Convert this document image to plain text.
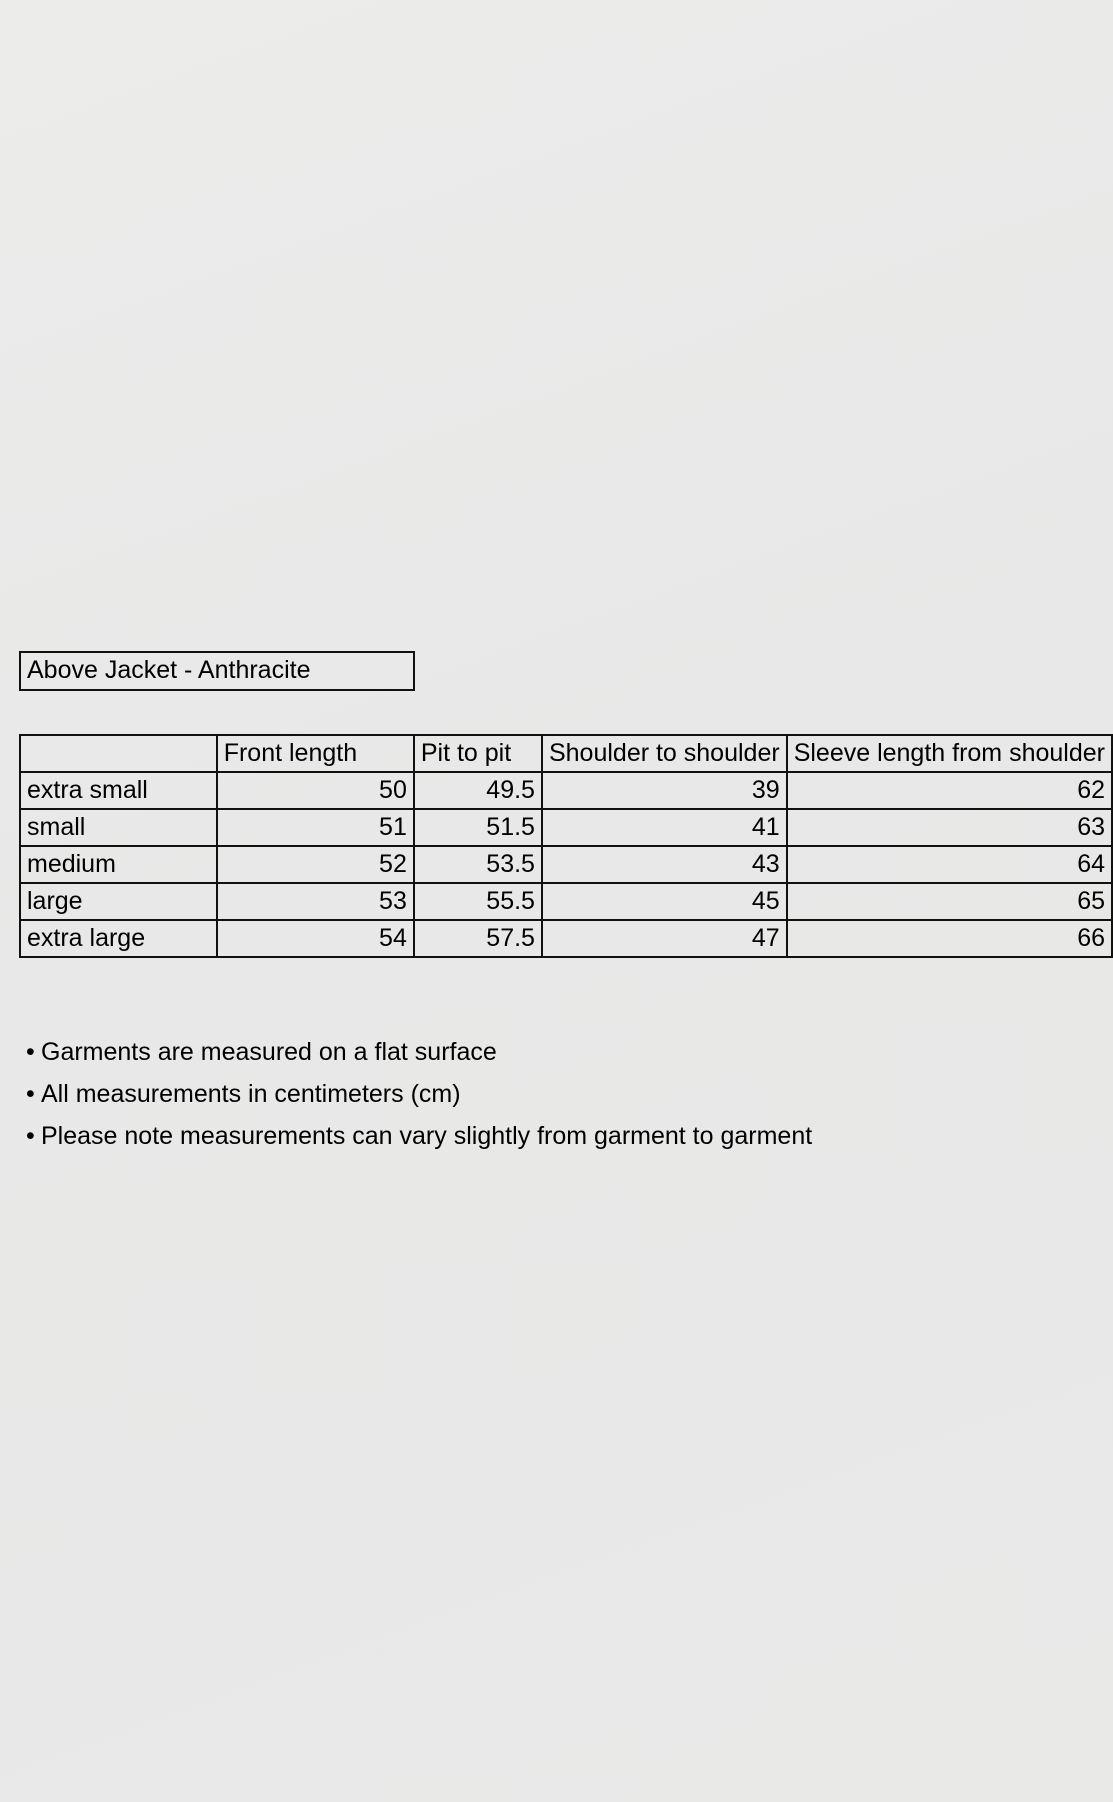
Above Jacket - Anthracite
	Front length	Pit to pit	Shoulder to shoulder	Sleeve length from shoulder
extra small	50	49.5	39	62
small	51	51.5	41	63
medium	52	53.5	43	64
large	53	55.5	45	65
extra large	54	57.5	47	66
• Garments are measured on a flat surface
• All measurements in centimeters (cm)
• Please note measurements can vary slightly from garment to garment
